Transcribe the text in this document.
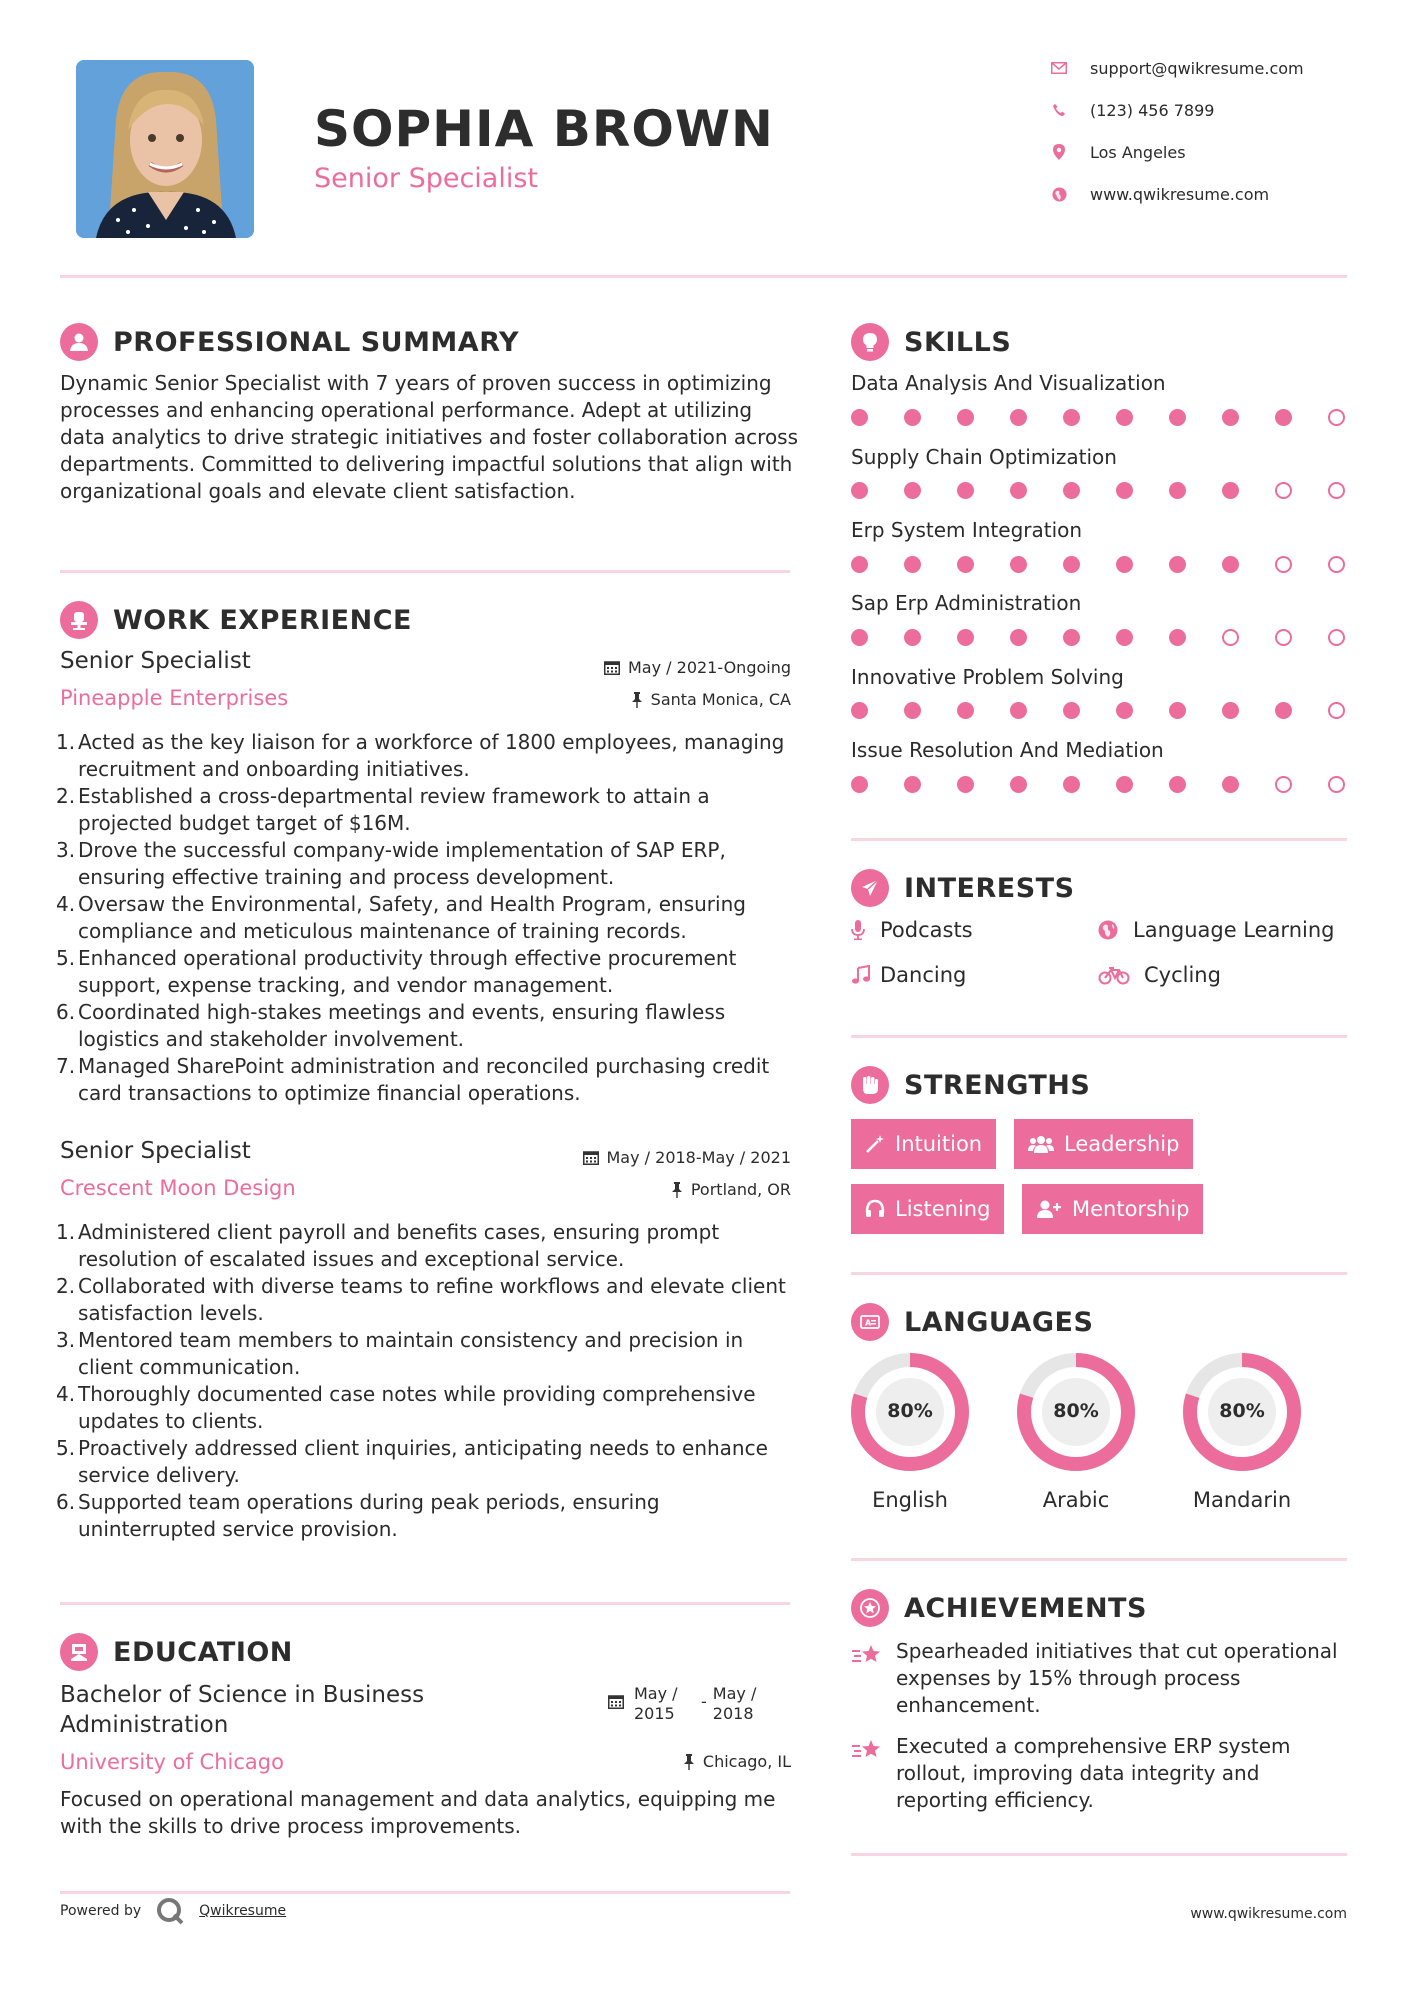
SOPHIA BROWN
Senior Specialist
support@qwikresume.com
(123) 456 7899
Los Angeles
www.qwikresume.com
PROFESSIONAL SUMMARY
Dynamic Senior Specialist with 7 years of proven success in optimizing processes and enhancing operational performance. Adept at utilizing data analytics to drive strategic initiatives and foster collaboration across departments. Committed to delivering impactful solutions that align with organizational goals and elevate client satisfaction.
WORK EXPERIENCE
Senior Specialist
Pineapple Enterprises
May / 2021-Ongoing
Santa Monica, CA
1. Acted as the key liaison for a workforce of 1800 employees, managing recruitment and onboarding initiatives.
2. Established a cross-departmental review framework to attain a projected budget target of $16M.
3. Drove the successful company-wide implementation of SAP ERP, ensuring effective training and process development.
4. Oversaw the Environmental, Safety, and Health Program, ensuring compliance and meticulous maintenance of training records.
5. Enhanced operational productivity through effective procurement support, expense tracking, and vendor management.
6. Coordinated high-stakes meetings and events, ensuring flawless logistics and stakeholder involvement.
7. Managed SharePoint administration and reconciled purchasing credit card transactions to optimize financial operations.
Senior Specialist
Crescent Moon Design
May / 2018-May / 2021
Portland, OR
1. Administered client payroll and benefits cases, ensuring prompt resolution of escalated issues and exceptional service.
2. Collaborated with diverse teams to refine workflows and elevate client satisfaction levels.
3. Mentored team members to maintain consistency and precision in client communication.
4. Thoroughly documented case notes while providing comprehensive updates to clients.
5. Proactively addressed client inquiries, anticipating needs to enhance service delivery.
6. Supported team operations during peak periods, ensuring uninterrupted service provision.
EDUCATION
Bachelor of Science in Business Administration
University of Chicago
May / 2015
- May / 2018
Chicago, IL
Focused on operational management and data analytics, equipping me with the skills to drive process improvements.
SKILLS
Data Analysis And Visualization
Supply Chain Optimization
Erp System Integration
Sap Erp Administration
Innovative Problem Solving
Issue Resolution And Mediation
INTERESTS
Podcasts	Language Learning
Dancing	Cycling
STRENGTHS
Intuition	Leadership
Listening	Mentorship
A LANGUAGES
80%
English
80%
Arabic
80%
Mandarin
ACHIEVEMENTS
Spearheaded initiatives that cut operational expenses by 15% through process enhancement.
Executed a comprehensive ERP system rollout, improving data integrity and reporting efficiency.
Powered by	Qwikresume	www.qwikresume.com
